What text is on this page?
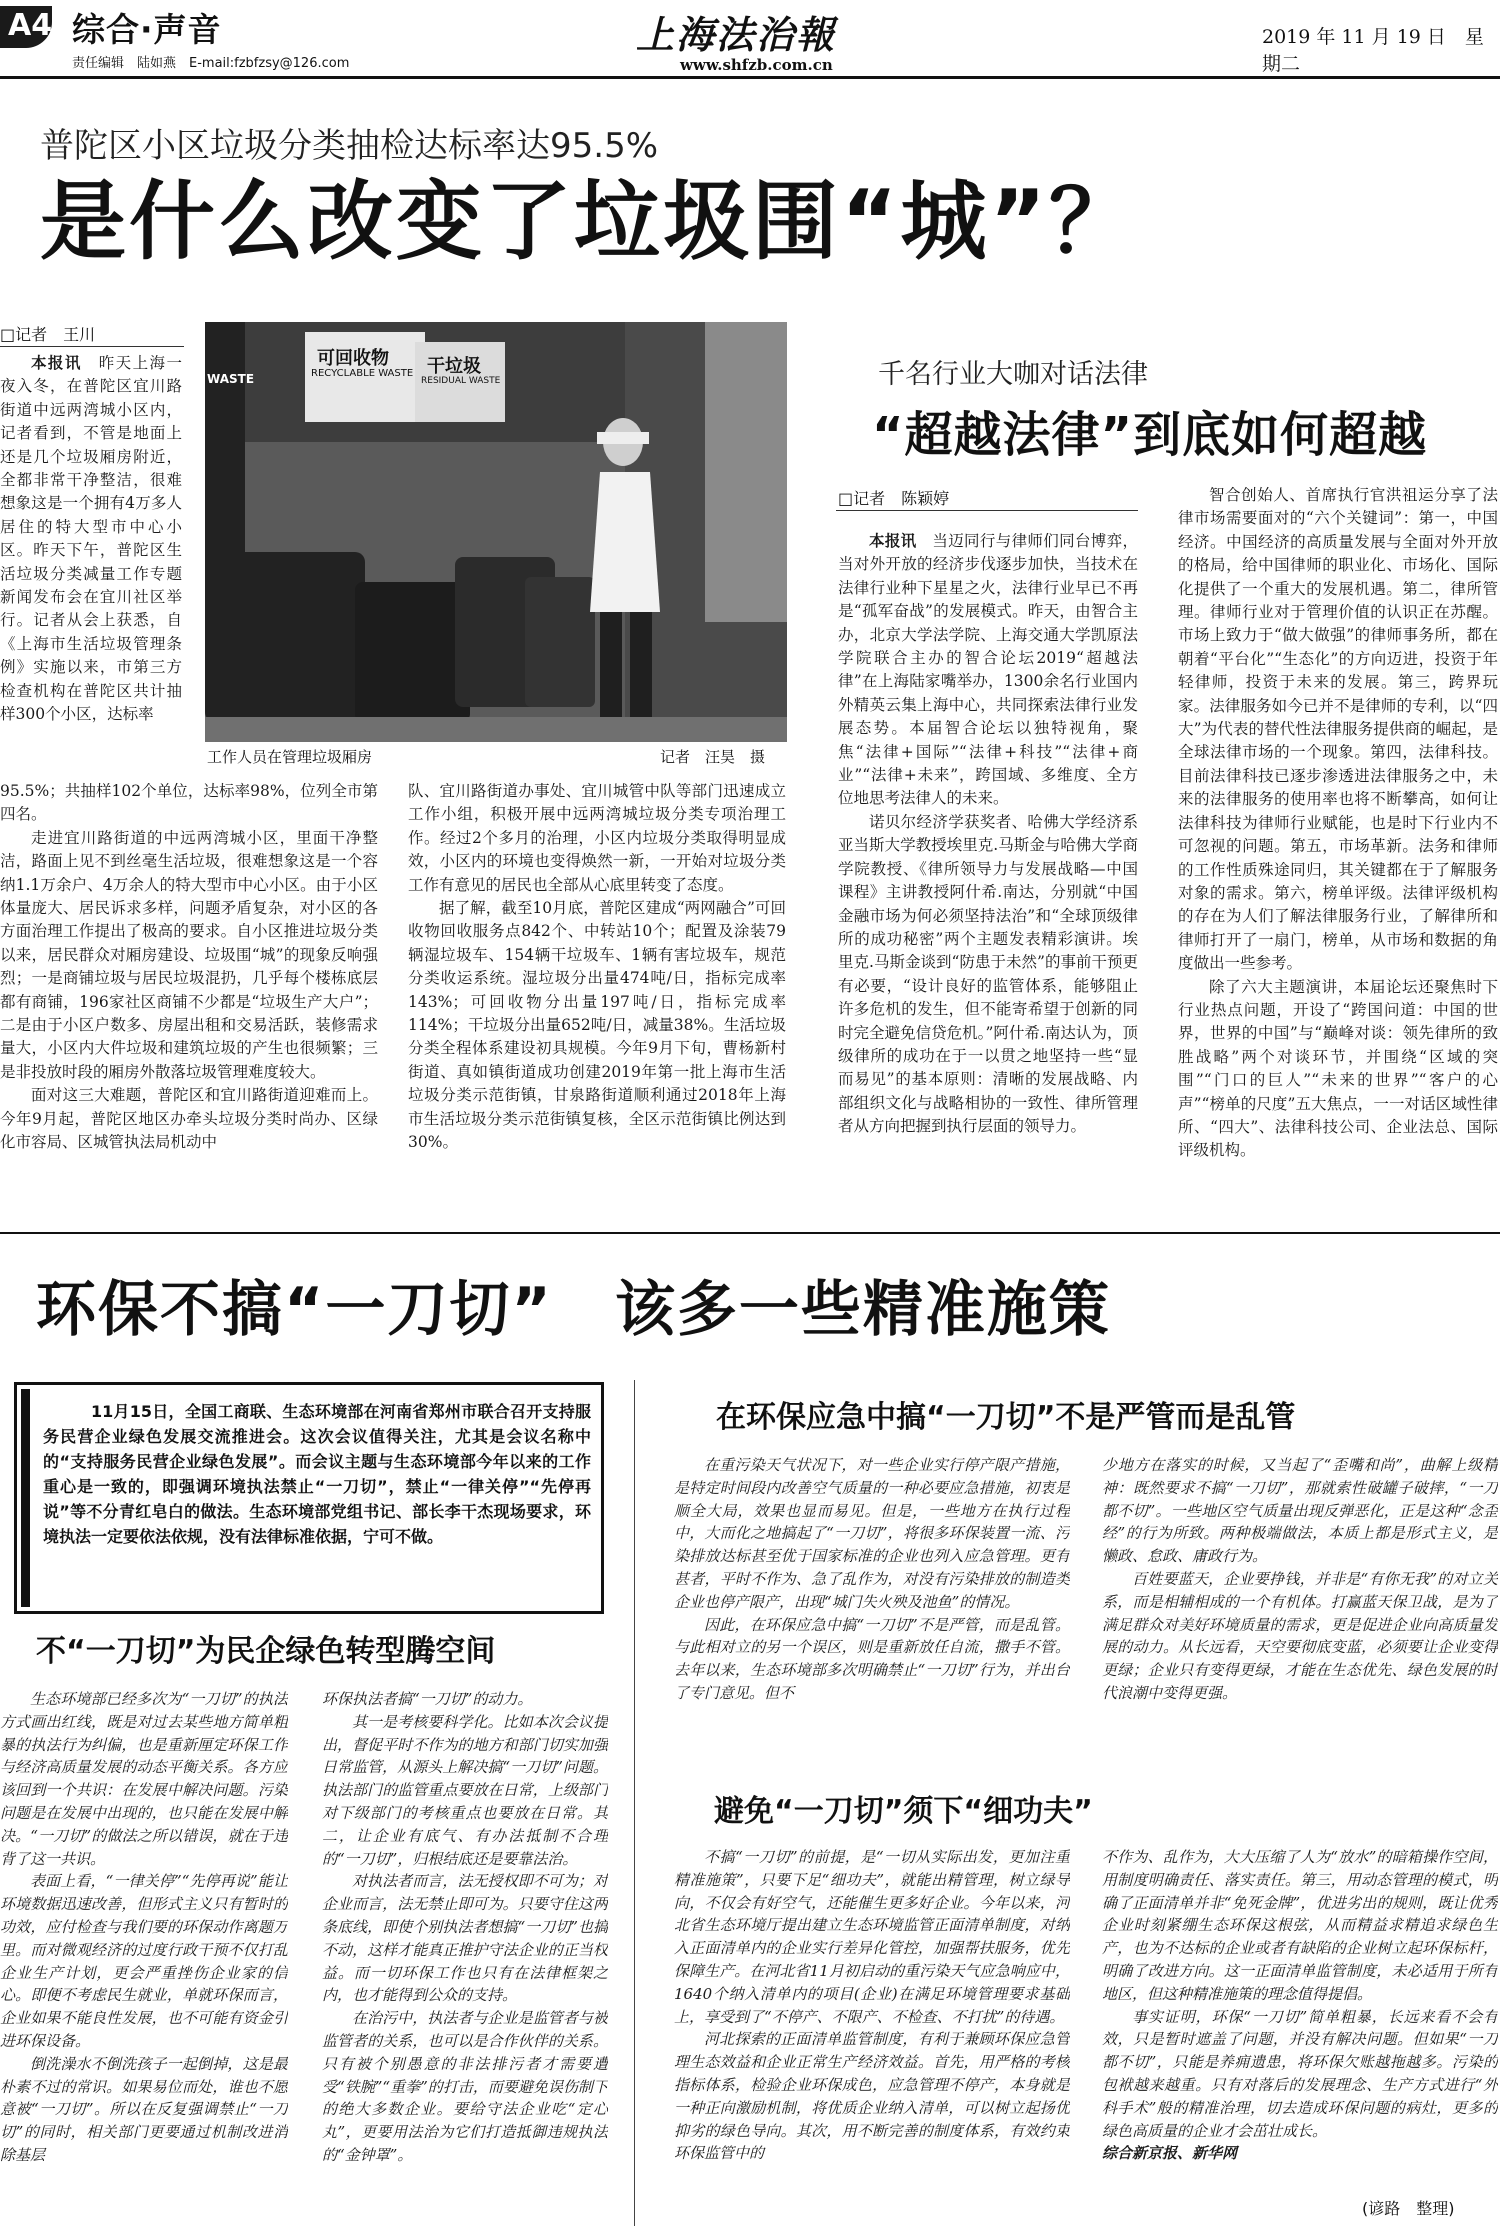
A4 综合·声音
责任编辑　陆如燕　E-mail:fzbfzsy@126.com
上海法治報
www.shfzb.com.cn
2019 年 11 月 19 日　星期二
普陀区小区垃圾分类抽检达标率达95.5%
是什么改变了垃圾围“城”？
□记者　王川

本报讯　 昨天上海一夜入冬，在普陀区宜川路街道中远两湾城小区内，记者看到，不管是地面上还是几个垃圾厢房附近，全都非常干净整洁，很难想象这是一个拥有4万多人居住的特大型市中心小区。昨天下午，普陀区生活垃圾分类减量工作专题新闻发布会在宜川社区举行。记者从会上获悉，自《上海市生活垃圾管理条例》实施以来，市第三方检查机构在普陀区共计抽样300个小区，达标率

WASTE
可回收物
RECYCLABLE WASTE 干垃圾
RESIDUAL WASTE
工作人员在管理垃圾厢房	记者　汪昊　摄

95.5%；共抽样102个单位，达标率98%，位列全市第四名。

走进宜川路街道的中远两湾城小区，里面干净整洁，路面上见不到丝毫生活垃圾，很难想象这是一个容纳1.1万余户、4万余人的特大型市中心小区。由于小区体量庞大、居民诉求多样，问题矛盾复杂，对小区的各方面治理工作提出了极高的要求。自小区推进垃圾分类以来，居民群众对厢房建设、垃圾围“城”的现象反响强烈；一是商铺垃圾与居民垃圾混扔，几乎每个楼栋底层都有商铺，196家社区商铺不少都是“垃圾生产大户”；二是由于小区户数多、房屋出租和交易活跃，装修需求量大，小区内大件垃圾和建筑垃圾的产生也很频繁；三是非投放时段的厢房外散落垃圾管理难度较大。

面对这三大难题，普陀区和宜川路街道迎难而上。今年9月起，普陀区地区办牵头垃圾分类时尚办、区绿化市容局、区城管执法局机动中

队、宜川路街道办事处、宜川城管中队等部门迅速成立工作小组，积极开展中远两湾城垃圾分类专项治理工作。经过2个多月的治理，小区内垃圾分类取得明显成效，小区内的环境也变得焕然一新，一开始对垃圾分类工作有意见的居民也全部从心底里转变了态度。

据了解，截至10月底，普陀区建成“两网融合”可回收物回收服务点842个、中转站10个；配置及涂装79辆湿垃圾车、154辆干垃圾车、1辆有害垃圾车，规范分类收运系统。湿垃圾分出量474吨/日，指标完成率143%；可回收物分出量197吨/日，指标完成率114%；干垃圾分出量652吨/日，减量38%。生活垃圾分类全程体系建设初具规模。今年9月下旬，曹杨新村街道、真如镇街道成功创建2019年第一批上海市生活垃圾分类示范街镇，甘泉路街道顺利通过2018年上海市生活垃圾分类示范街镇复核，全区示范街镇比例达到30%。

千名行业大咖对话法律
“超越法律”到底如何超越
□记者　陈颖婷

本报讯　 当迈同行与律师们同台博弈，当对外开放的经济步伐逐步加快，当技术在法律行业种下星星之火，法律行业早已不再是“孤军奋战”的发展模式。昨天，由智合主办，北京大学法学院、上海交通大学凯原法学院联合主办的智合论坛2019“超越法律”在上海陆家嘴举办，1300余名行业国内外精英云集上海中心，共同探索法律行业发展态势。本届智合论坛以独特视角，聚焦“法律+国际”“法律+科技”“法律+商业”“法律+未来”，跨国域、多维度、全方位地思考法律人的未来。

诺贝尔经济学获奖者、哈佛大学经济系亚当斯大学教授埃里克.马斯金与哈佛大学商学院教授、《律所领导力与发展战略—中国课程》主讲教授阿什希.南达，分别就“中国金融市场为何必须坚持法治”和“全球顶级律所的成功秘密”两个主题发表精彩演讲。埃里克.马斯金谈到“防患于未然”的事前干预更有必要，“设计良好的监管体系，能够阻止许多危机的发生，但不能寄希望于创新的同时完全避免信贷危机。”阿什希.南达认为，顶级律所的成功在于一以贯之地坚持一些“显而易见”的基本原则：清晰的发展战略、内部组织文化与战略相协的一致性、律所管理者从方向把握到执行层面的领导力。

智合创始人、首席执行官洪祖运分享了法律市场需要面对的“六个关键词”：第一，中国经济。中国经济的高质量发展与全面对外开放的格局，给中国律师的职业化、市场化、国际化提供了一个重大的发展机遇。第二，律所管理。律师行业对于管理价值的认识正在苏醒。市场上致力于“做大做强”的律师事务所，都在朝着“平台化”“生态化”的方向迈进，投资于年轻律师，投资于未来的发展。第三，跨界玩家。法律服务如今已并不是律师的专利，以“四大”为代表的替代性法律服务提供商的崛起，是全球法律市场的一个现象。第四，法律科技。目前法律科技已逐步渗透进法律服务之中，未来的法律服务的使用率也将不断攀高，如何让法律科技为律师行业赋能，也是时下行业内不可忽视的问题。第五，市场革新。法务和律师的工作性质殊途同归，其关键都在于了解服务对象的需求。第六，榜单评级。法律评级机构的存在为人们了解法律服务行业，了解律所和律师打开了一扇门，榜单，从市场和数据的角度做出一些参考。

除了六大主题演讲，本届论坛还聚焦时下行业热点问题，开设了“跨国问道：中国的世界，世界的中国”与“巅峰对谈：领先律所的致胜战略”两个对谈环节，并围绕“区域的突围”“门口的巨人”“未来的世界”“客户的心声”“榜单的尺度”五大焦点，一一对话区域性律所、“四大”、法律科技公司、企业法总、国际评级机构。

环保不搞“一刀切”　该多一些精准施策
11月15日，全国工商联、生态环境部在河南省郑州市联合召开支持服务民营企业绿色发展交流推进会。这次会议值得关注，尤其是会议名称中的“支持服务民营企业绿色发展”。而会议主题与生态环境部今年以来的工作重心是一致的，即强调环境执法禁止“一刀切”，禁止“一律关停”“先停再说”等不分青红皂白的做法。生态环境部党组书记、部长李干杰现场要求，环境执法一定要依法依规，没有法律标准依据，宁可不做。
不“一刀切”为民企绿色转型腾空间

生态环境部已经多次为“一刀切”的执法方式画出红线，既是对过去某些地方简单粗暴的执法行为纠偏，也是重新厘定环保工作与经济高质量发展的动态平衡关系。各方应该回到一个共识：在发展中解决问题。污染问题是在发展中出现的，也只能在发展中解决。“一刀切”的做法之所以错误，就在于违背了这一共识。

表面上看，“一律关停”“先停再说”能让环境数据迅速改善，但形式主义只有暂时的功效，应付检查与我们要的环保动作离题万里。而对微观经济的过度行政干预不仅打乱企业生产计划，更会严重挫伤企业家的信心。即便不考虑民生就业，单就环保而言，企业如果不能良性发展，也不可能有资金引进环保设备。

倒洗澡水不倒洗孩子一起倒掉，这是最朴素不过的常识。如果易位而处，谁也不愿意被“一刀切”。所以在反复强调禁止“一刀切”的同时，相关部门更要通过机制改进消除基层

环保执法者搞“一刀切”的动力。

其一是考核要科学化。比如本次会议提出，督促平时不作为的地方和部门切实加强日常监管，从源头上解决搞“一刀切”问题。执法部门的监管重点要放在日常，上级部门对下级部门的考核重点也要放在日常。其二，让企业有底气、有办法抵制不合理的“一刀切”，归根结底还是要靠法治。

对执法者而言，法无授权即不可为；对企业而言，法无禁止即可为。只要守住这两条底线，即使个别执法者想搞“一刀切”也搞不动，这样才能真正推护守法企业的正当权益。而一切环保工作也只有在法律框架之内，也才能得到公众的支持。

在治污中，执法者与企业是监管者与被监管者的关系，也可以是合作伙伴的关系。只有被个别愚意的非法排污者才需要遭受“铁腕”“重拳”的打击，而要避免误伤制下的绝大多数企业。要给守法企业吃“定心丸”，更要用法治为它们打造抵御违规执法的“金钟罩”。

在环保应急中搞“一刀切”不是严管而是乱管

在重污染天气状况下，对一些企业实行停产限产措施，是特定时间段内改善空气质量的一种必要应急措施，初衷是顺全大局，效果也显而易见。但是，一些地方在执行过程中，大而化之地搞起了“一刀切”，将很多环保装置一流、污染排放达标甚至优于国家标准的企业也列入应急管理。更有甚者，平时不作为、急了乱作为，对没有污染排放的制造类企业也停产限产，出现“城门失火殃及池鱼”的情况。

因此，在环保应急中搞“一刀切”不是严管，而是乱管。与此相对立的另一个误区，则是重新放任自流，撒手不管。去年以来，生态环境部多次明确禁止“一刀切”行为，并出台了专门意见。但不

少地方在落实的时候，又当起了“歪嘴和尚”，曲解上级精神：既然要求不搞“一刀切”，那就索性破罐子破摔，“一刀都不切”。一些地区空气质量出现反弹恶化，正是这种“念歪经”的行为所致。两种极端做法，本质上都是形式主义，是懒政、怠政、庸政行为。

百姓要蓝天，企业要挣钱，并非是“有你无我”的对立关系，而是相辅相成的一个有机体。打赢蓝天保卫战，是为了满足群众对美好环境质量的需求，更是促进企业向高质量发展的动力。从长远看，天空要彻底变蓝，必须要让企业变得更绿；企业只有变得更绿，才能在生态优先、绿色发展的时代浪潮中变得更强。

避免“一刀切”须下“细功夫”

不搞“一刀切”的前提，是“一切从实际出发，更加注重精准施策”，只要下足“细功夫”，就能出精管理，树立绿导向，不仅会有好空气，还能催生更多好企业。今年以来，河北省生态环境厅提出建立生态环境监管正面清单制度，对纳入正面清单内的企业实行差异化管控，加强帮扶服务，优先保障生产。在河北省11月初启动的重污染天气应急响应中，1640个纳入清单内的项目(企业)在满足环境管理要求基础上，享受到了“不停产、不限产、不检查、不打扰”的待遇。

河北探索的正面清单监管制度，有利于兼顾环保应急管理生态效益和企业正常生产经济效益。首先，用严格的考核指标体系，检验企业环保成色，应急管理不停产，本身就是一种正向激励机制，将优质企业纳入清单，可以树立起扬优抑劣的绿色导向。其次，用不断完善的制度体系，有效约束环保监管中的

不作为、乱作为，大大压缩了人为“放水”的暗箱操作空间，用制度明确责任、落实责任。第三，用动态管理的模式，明确了正面清单并非“免死金牌”，优进劣出的规则，既让优秀企业时刻紧绷生态环保这根弦，从而精益求精追求绿色生产，也为不达标的企业或者有缺陷的企业树立起环保标杆，明确了改进方向。这一正面清单监管制度，未必适用于所有地区，但这种精准施策的理念值得提倡。

事实证明，环保“一刀切”简单粗暴，长远来看不会有效，只是暂时遮盖了问题，并没有解决问题。但如果“一刀都不切”，只能是养痈遗患，将环保欠账越拖越多。污染的包袱越来越重。只有对落后的发展理念、生产方式进行“外科手术”般的精准治理，切去造成环保问题的病灶，更多的绿色高质量的企业才会茁壮成长。

综合新京报、新华网

(谚路　整理)
